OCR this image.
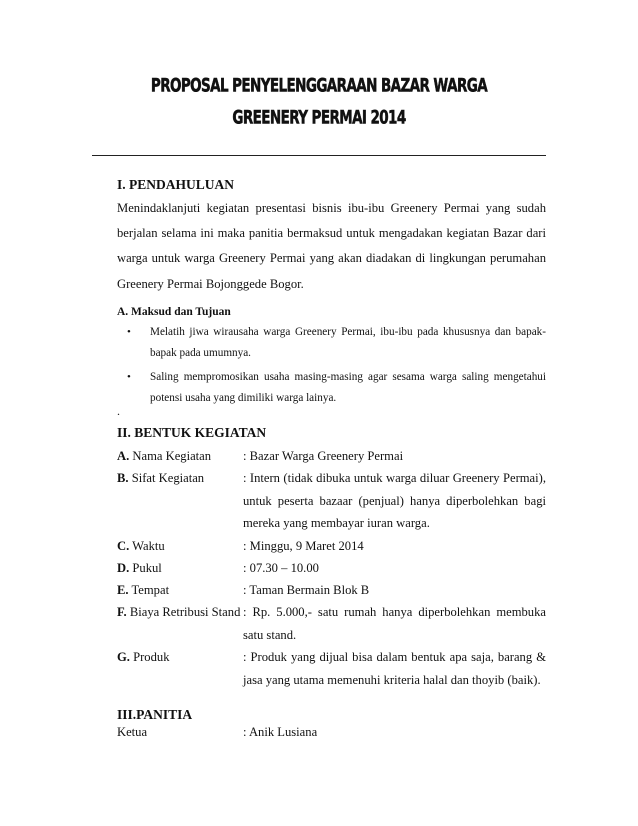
PROPOSAL PENYELENGGARAAN BAZAR WARGA
GREENERY PERMAI 2014
I. PENDAHULUAN
Menindaklanjuti kegiatan presentasi bisnis ibu-ibu Greenery Permai yang sudah
berjalan selama ini maka panitia bermaksud untuk mengadakan kegiatan Bazar dari
warga untuk warga Greenery Permai yang akan diadakan di lingkungan perumahan
Greenery Permai Bojonggede Bogor.
A. Maksud dan Tujuan
• Melatih jiwa wirausaha warga Greenery Permai, ibu-ibu pada khususnya dan bapak-
bapak pada umumnya.
• Saling mempromosikan usaha masing-masing agar sesama warga saling mengetahui
potensi usaha yang dimiliki warga lainya.
.
II. BENTUK KEGIATAN
A. Nama Kegiatan	: Bazar Warga Greenery Permai
B. Sifat Kegiatan	: Intern (tidak dibuka untuk warga diluar Greenery Permai),
untuk peserta bazaar (penjual) hanya diperbolehkan bagi
mereka yang membayar iuran warga.
C. Waktu	: Minggu, 9 Maret 2014
D. Pukul	: 07.30 – 10.00
E. Tempat	: Taman Bermain Blok B
F. Biaya Retribusi Stand : Rp. 5.000,- satu rumah hanya diperbolehkan membuka
satu stand.
G. Produk	: Produk yang dijual bisa dalam bentuk apa saja, barang &
jasa yang utama memenuhi kriteria halal dan thoyib (baik).
III.PANITIA
Ketua	: Anik Lusiana
